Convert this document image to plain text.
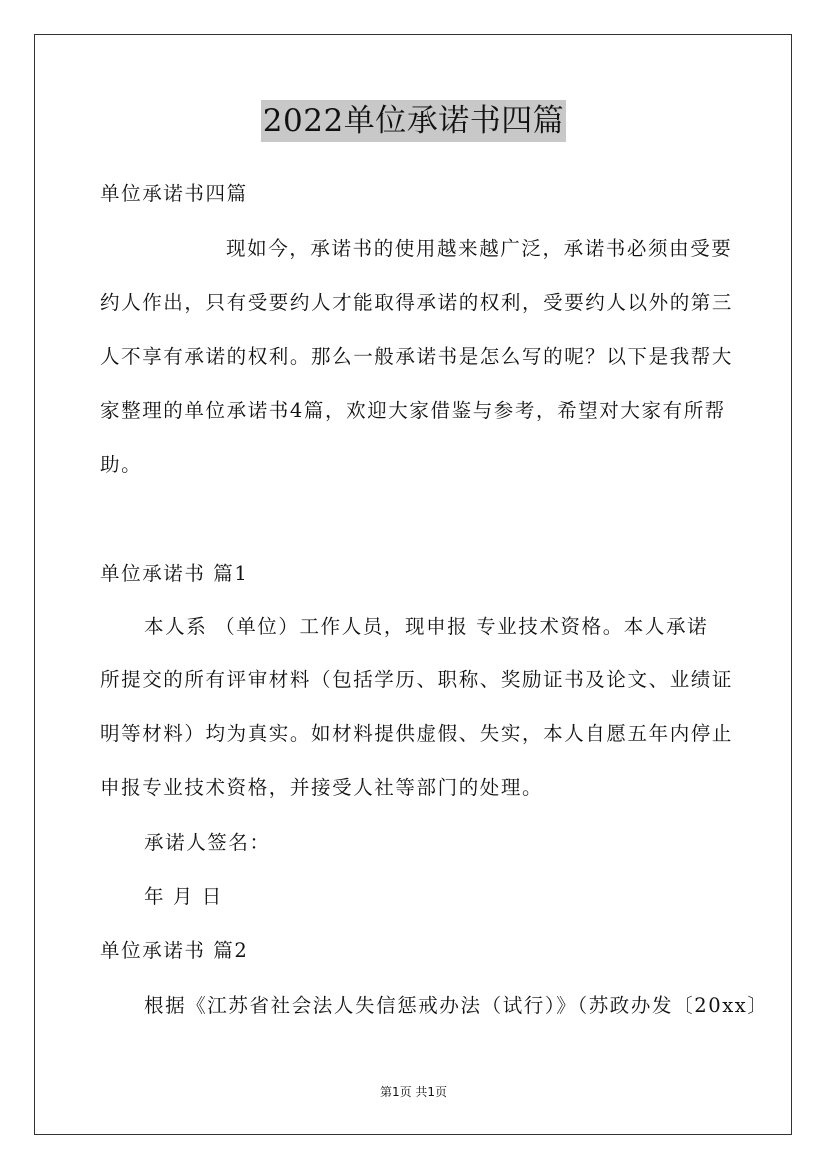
2022单位承诺书四篇
单位承诺书四篇
现如今，承诺书的使用越来越广泛，承诺书必须由受要
约人作出，只有受要约人才能取得承诺的权利，受要约人以外的第三
人不享有承诺的权利。那么一般承诺书是怎么写的呢？以下是我帮大
家整理的单位承诺书4篇，欢迎大家借鉴与参考，希望对大家有所帮
助。
单位承诺书 篇1
本人系 （单位）工作人员，现申报 专业技术资格。本人承诺
所提交的所有评审材料（包括学历、职称、奖励证书及论文、业绩证
明等材料）均为真实。如材料提供虚假、失实，本人自愿五年内停止
申报专业技术资格，并接受人社等部门的处理。
承诺人签名：
年 月 日
单位承诺书 篇2
根据《江苏省社会法人失信惩戒办法（试行）》（苏政办发〔20xx〕
第1页 共1页
